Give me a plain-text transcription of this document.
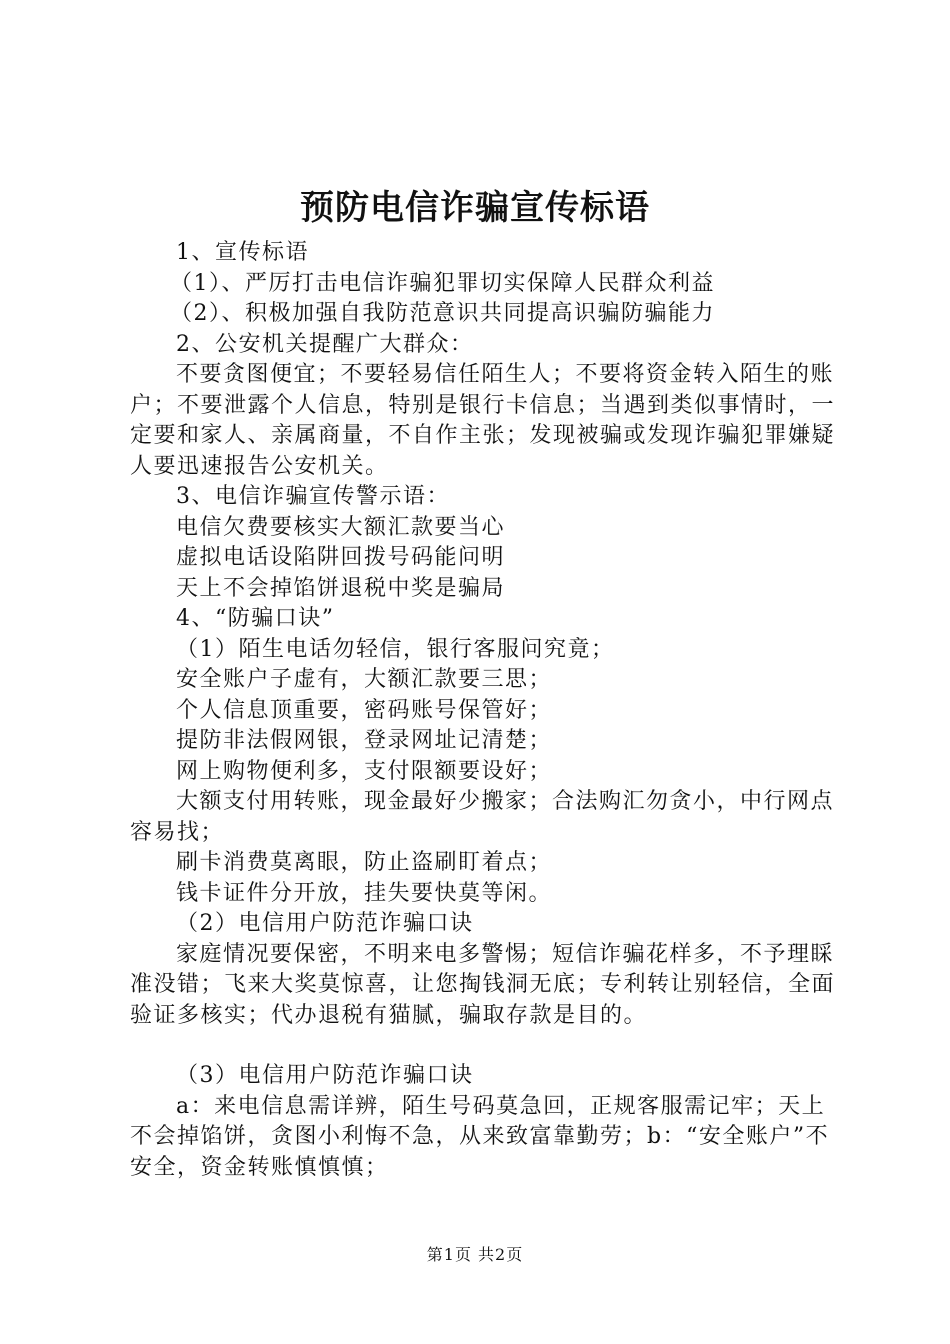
预防电信诈骗宣传标语

1、宣传标语

（1）、严厉打击电信诈骗犯罪切实保障人民群众利益

（2）、积极加强自我防范意识共同提高识骗防骗能力

2、公安机关提醒广大群众：

不要贪图便宜；不要轻易信任陌生人；不要将资金转入陌生的账户；不要泄露个人信息，特别是银行卡信息；当遇到类似事情时，一定要和家人、亲属商量，不自作主张；发现被骗或发现诈骗犯罪嫌疑人要迅速报告公安机关。

3、电信诈骗宣传警示语：

电信欠费要核实大额汇款要当心

虚拟电话设陷阱回拨号码能问明

天上不会掉馅饼退税中奖是骗局

4、“防骗口诀”

（1）陌生电话勿轻信，银行客服问究竟；

安全账户子虚有，大额汇款要三思；

个人信息顶重要，密码账号保管好；

提防非法假网银，登录网址记清楚；

网上购物便利多，支付限额要设好；

大额支付用转账，现金最好少搬家；合法购汇勿贪小，中行网点容易找；

刷卡消费莫离眼，防止盗刷盯着点；

钱卡证件分开放，挂失要快莫等闲。

（2）电信用户防范诈骗口诀

家庭情况要保密，不明来电多警惕；短信诈骗花样多，不予理睬准没错；飞来大奖莫惊喜，让您掏钱洞无底；专利转让别轻信，全面验证多核实；代办退税有猫腻，骗取存款是目的。

（3）电信用户防范诈骗口诀

a：来电信息需详辨，陌生号码莫急回，正规客服需记牢；天上不会掉馅饼，贪图小利悔不急，从来致富靠勤劳；b：“安全账户”不安全，资金转账慎慎慎；

第1页 共2页
